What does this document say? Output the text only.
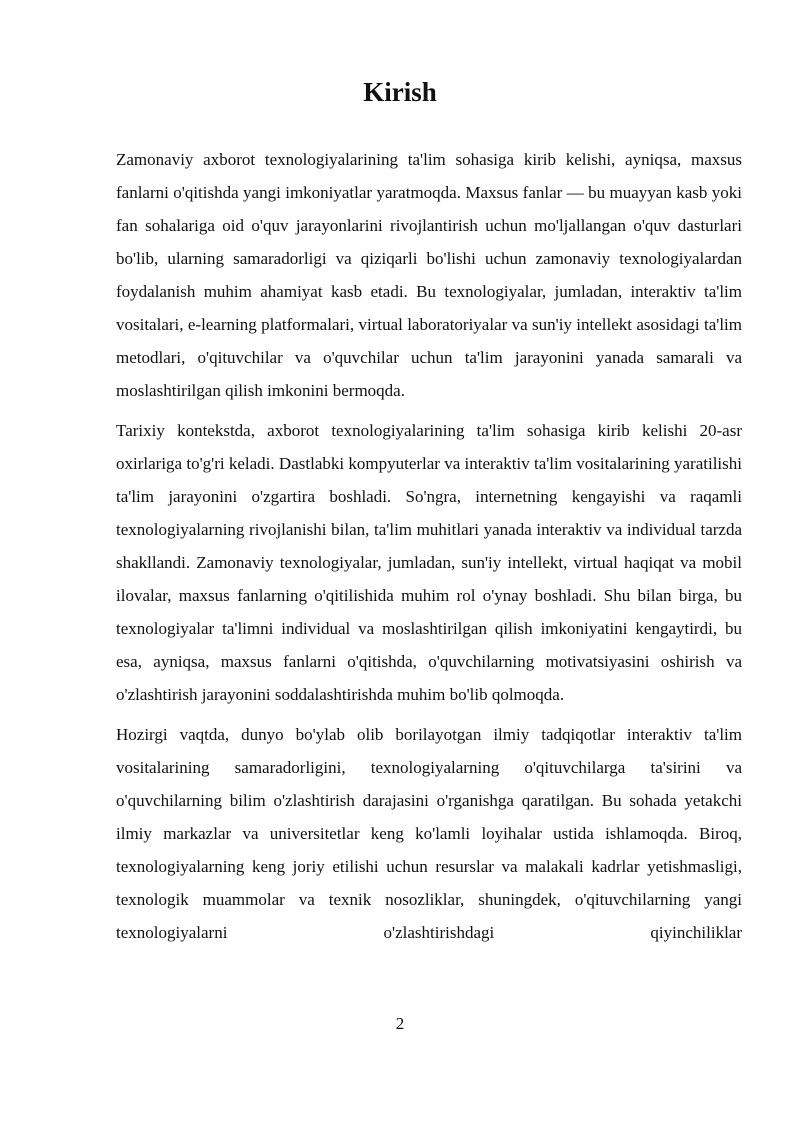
Kirish

Zamonaviy axborot texnologiyalarining ta'lim sohasiga kirib kelishi, ayniqsa, maxsus fanlarni o'qitishda yangi imkoniyatlar yaratmoqda. Maxsus fanlar — bu muayyan kasb yoki fan sohalariga oid o'quv jarayonlarini rivojlantirish uchun mo'ljallangan o'quv dasturlari bo'lib, ularning samaradorligi va qiziqarli bo'lishi uchun zamonaviy texnologiyalardan foydalanish muhim ahamiyat kasb etadi. Bu texnologiyalar, jumladan, interaktiv ta'lim vositalari, e-learning platformalari, virtual laboratoriyalar va sun'iy intellekt asosidagi ta'lim metodlari, o'qituvchilar va o'quvchilar uchun ta'lim jarayonini yanada samarali va moslashtirilgan qilish imkonini bermoqda.

Tarixiy kontekstda, axborot texnologiyalarining ta'lim sohasiga kirib kelishi 20-asr oxirlariga to'g'ri keladi. Dastlabki kompyuterlar va interaktiv ta'lim vositalarining yaratilishi ta'lim jarayonini o'zgartira boshladi. So'ngra, internetning kengayishi va raqamli texnologiyalarning rivojlanishi bilan, ta'lim muhitlari yanada interaktiv va individual tarzda shakllandi. Zamonaviy texnologiyalar, jumladan, sun'iy intellekt, virtual haqiqat va mobil ilovalar, maxsus fanlarning o'qitilishida muhim rol o'ynay boshladi. Shu bilan birga, bu texnologiyalar ta'limni individual va moslashtirilgan qilish imkoniyatini kengaytirdi, bu esa, ayniqsa, maxsus fanlarni o'qitishda, o'quvchilarning motivatsiyasini oshirish va o'zlashtirish jarayonini soddalashtirishda muhim bo'lib qolmoqda.

Hozirgi vaqtda, dunyo bo'ylab olib borilayotgan ilmiy tadqiqotlar interaktiv ta'lim vositalarining samaradorligini, texnologiyalarning o'qituvchilarga ta'sirini va o'quvchilarning bilim o'zlashtirish darajasini o'rganishga qaratilgan. Bu sohada yetakchi ilmiy markazlar va universitetlar keng ko'lamli loyihalar ustida ishlamoqda. Biroq, texnologiyalarning keng joriy etilishi uchun resurslar va malakali kadrlar yetishmasligi, texnologik muammolar va texnik nosozliklar, shuningdek, o'qituvchilarning yangi texnologiyalarni o'zlashtirishdagi qiyinchiliklar

2
